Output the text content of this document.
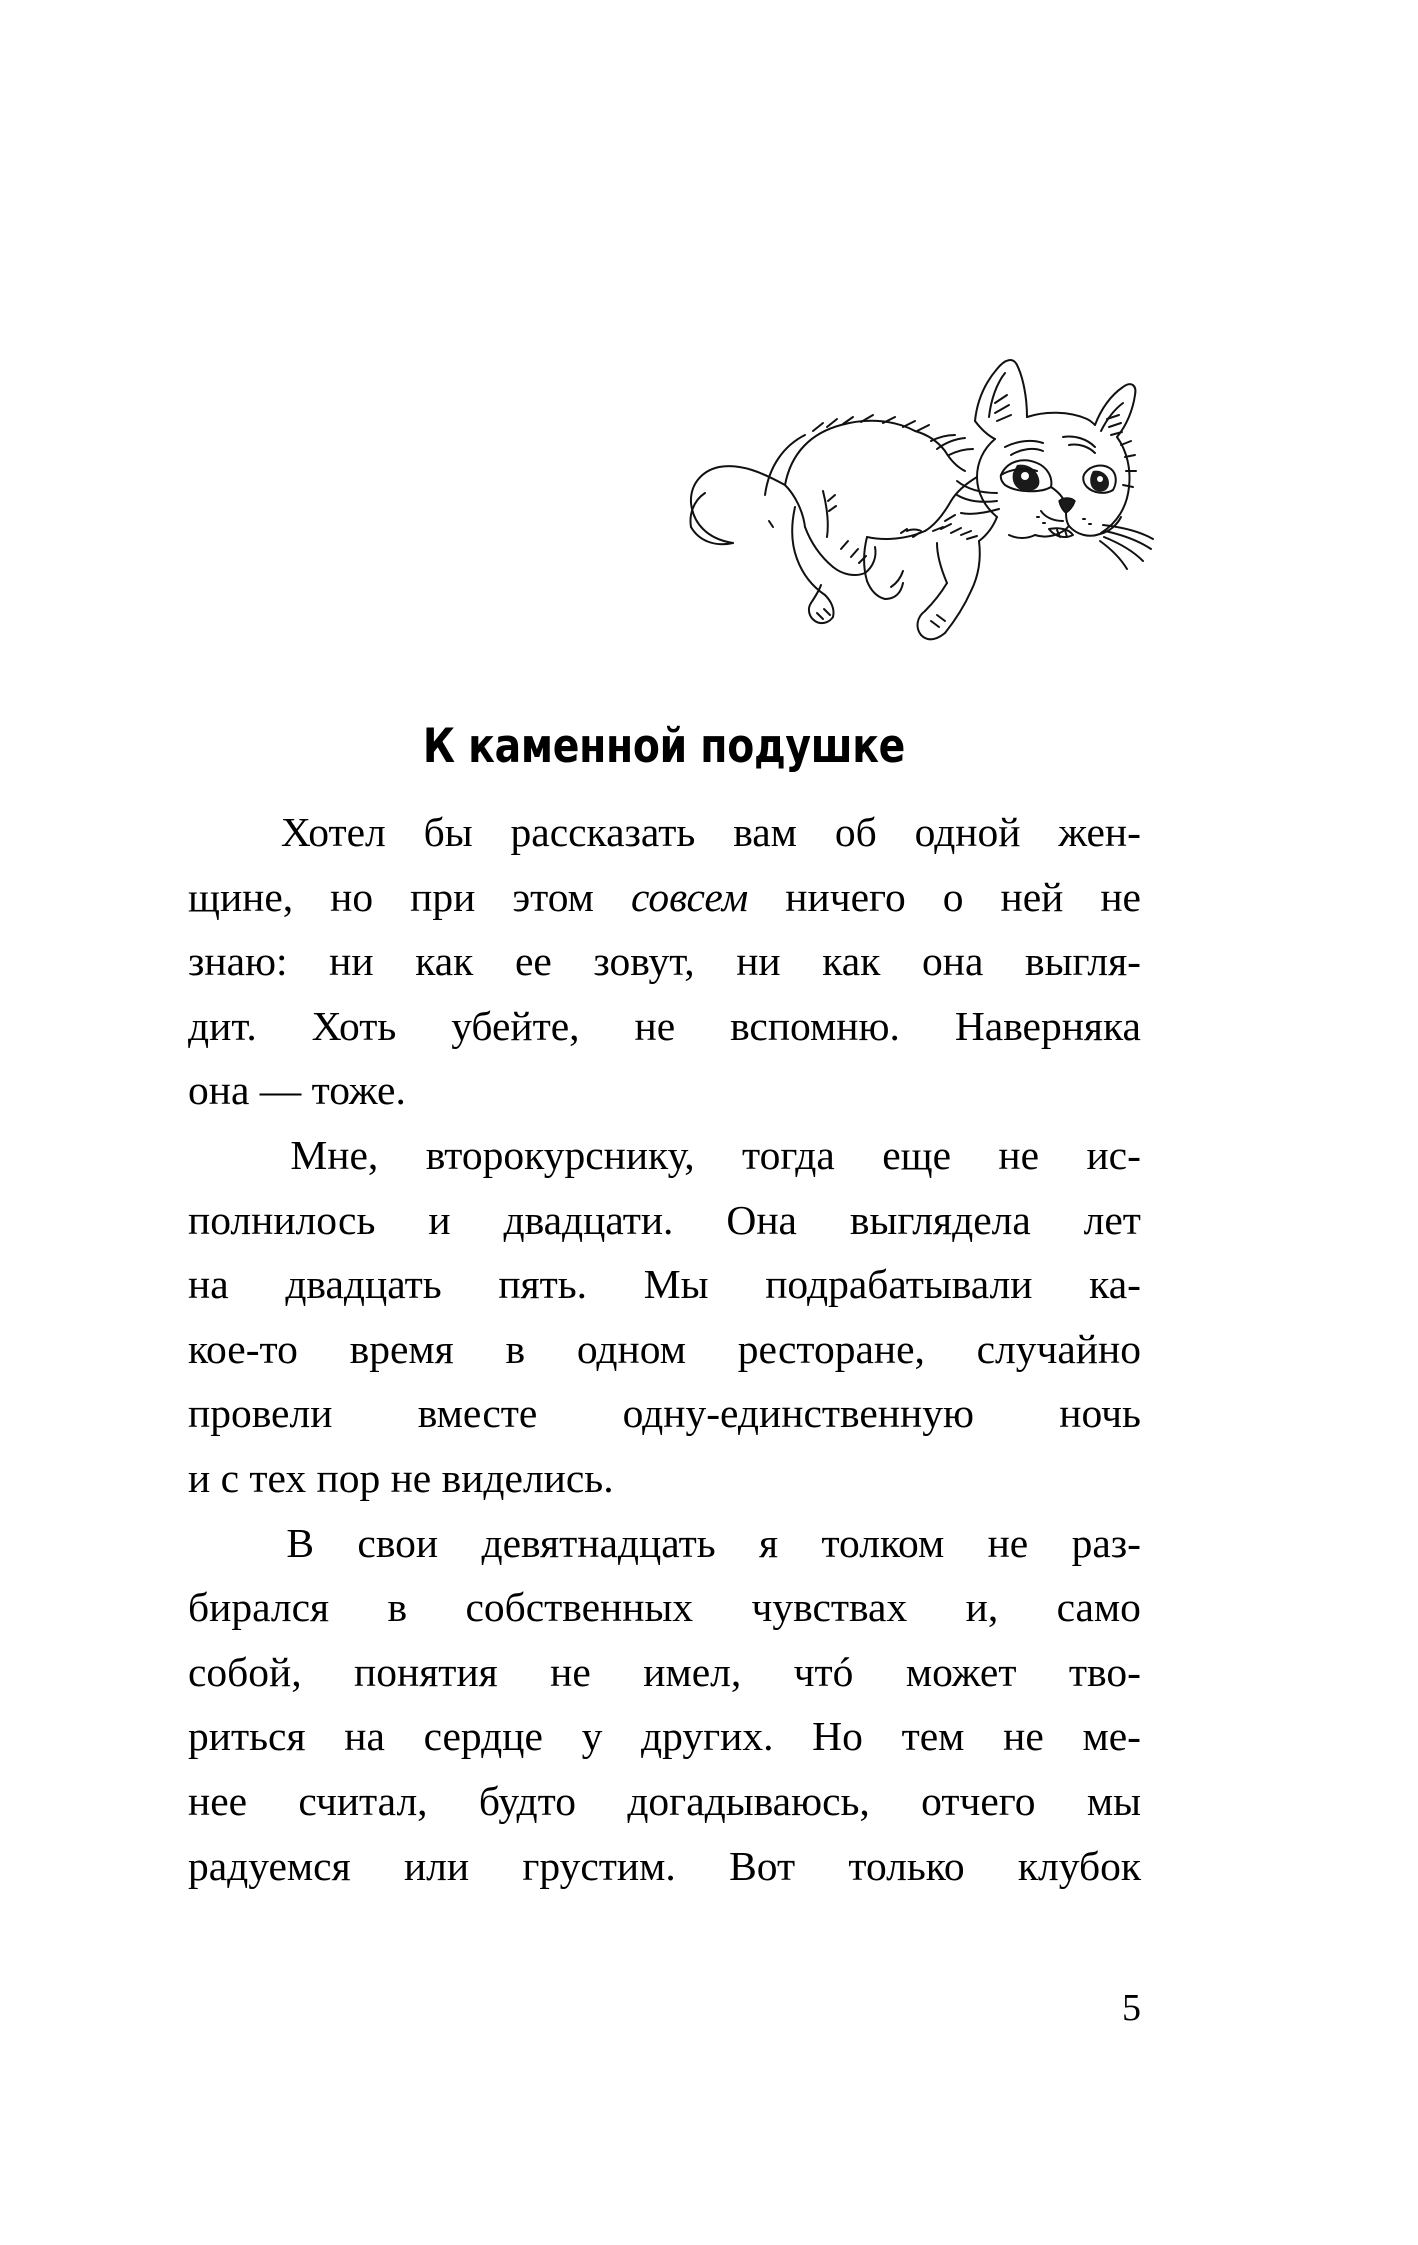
К каменной подушке

Хотел бы рассказать вам об одной жен-
щине, но при этом совсем ничего о ней не
знаю: ни как ее зовут, ни как она выгля-
дит. Хоть убейте, не вспомню. Наверняка
она — тоже.

Мне, второкурснику, тогда еще не ис-
полнилось и двадцати. Она выглядела лет
на двадцать пять. Мы подрабатывали ка-
кое-то время в одном ресторане, случайно
провели вместе одну-единственную ночь
и с тех пор не виделись.

В свои девятнадцать я толком не раз-
бирался в собственных чувствах и, само
собой, понятия не имел, чтó может тво-
риться на сердце у других. Но тем не ме-
нее считал, будто догадываюсь, отчего мы
радуемся или грустим. Вот только клубок

5
